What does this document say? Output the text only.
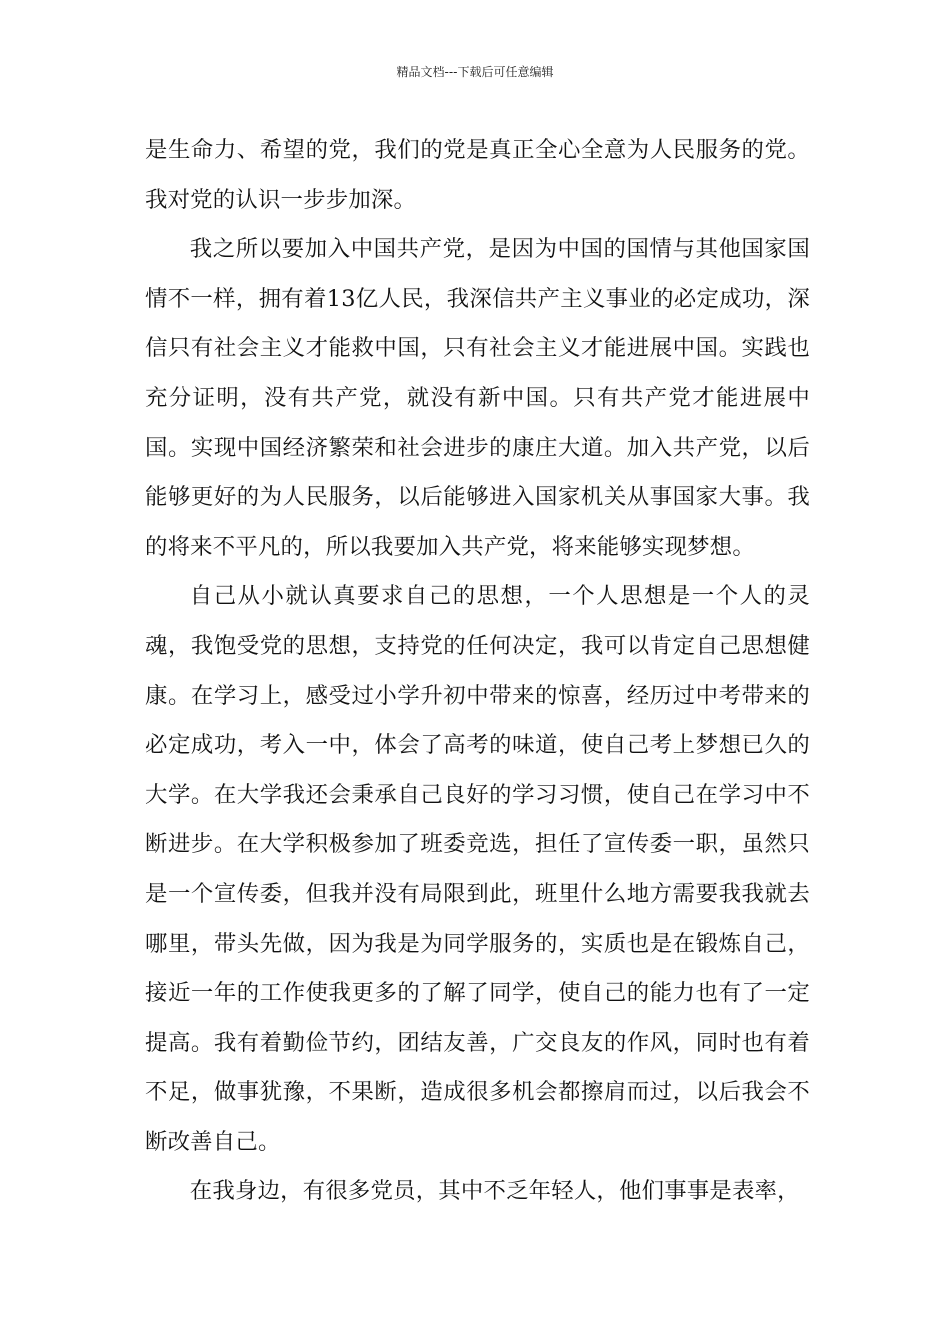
精品文档---下载后可任意编辑

是生命力、希望的党，我们的党是真正全心全意为人民服务的党。我对党的认识一步步加深。

我之所以要加入中国共产党，是因为中国的国情与其他国家国情不一样，拥有着13亿人民，我深信共产主义事业的必定成功，深信只有社会主义才能救中国，只有社会主义才能进展中国。实践也充分证明，没有共产党，就没有新中国。只有共产党才能进展中国。实现中国经济繁荣和社会进步的康庄大道。加入共产党，以后能够更好的为人民服务，以后能够进入国家机关从事国家大事。我的将来不平凡的，所以我要加入共产党，将来能够实现梦想。

自己从小就认真要求自己的思想，一个人思想是一个人的灵魂，我饱受党的思想，支持党的任何决定，我可以肯定自己思想健康。在学习上，感受过小学升初中带来的惊喜，经历过中考带来的必定成功，考入一中，体会了高考的味道，使自己考上梦想已久的大学。在大学我还会秉承自己良好的学习习惯，使自己在学习中不断进步。在大学积极参加了班委竞选，担任了宣传委一职，虽然只是一个宣传委，但我并没有局限到此，班里什么地方需要我我就去哪里，带头先做，因为我是为同学服务的，实质也是在锻炼自己，接近一年的工作使我更多的了解了同学，使自己的能力也有了一定提高。我有着勤俭节约，团结友善，广交良友的作风，同时也有着不足，做事犹豫，不果断，造成很多机会都擦肩而过，以后我会不断改善自己。

在我身边，有很多党员，其中不乏年轻人，他们事事是表率，
